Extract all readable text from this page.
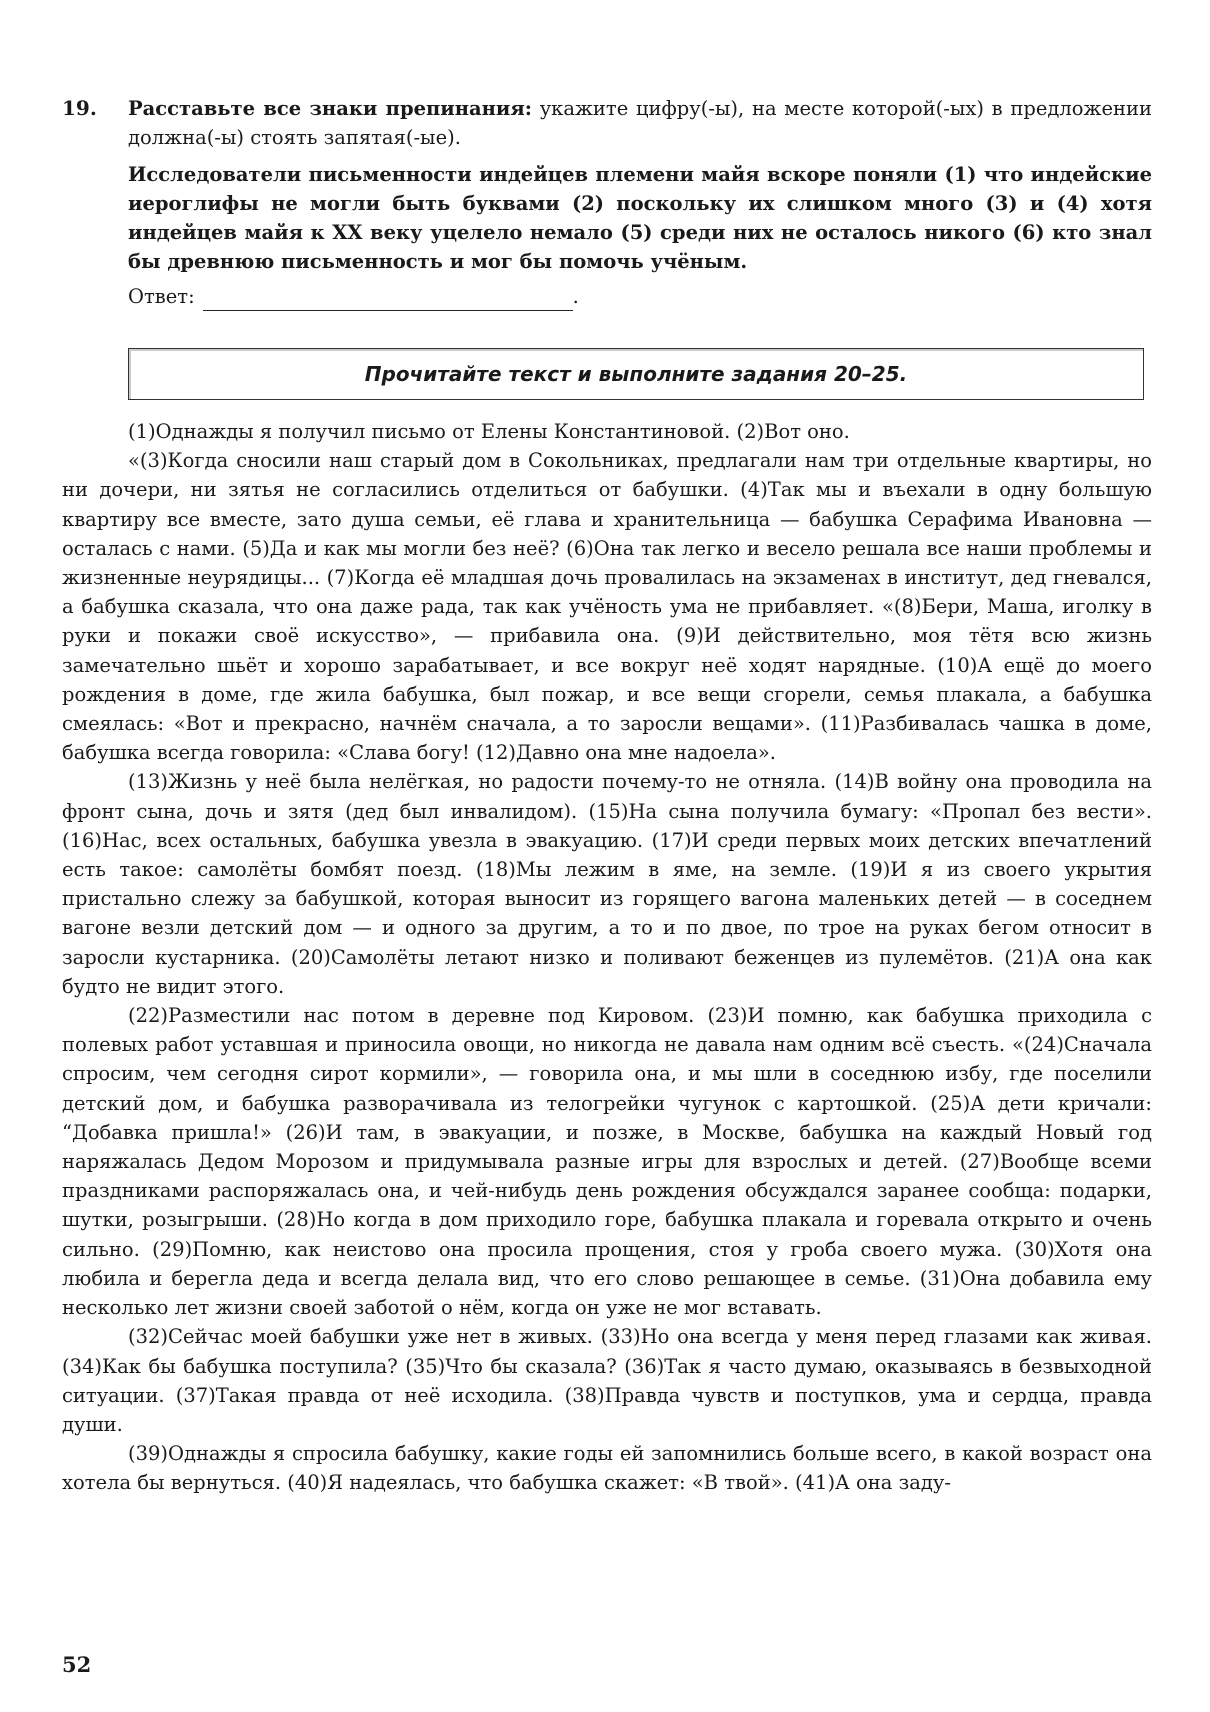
19. Расставьте все знаки препинания: укажите цифру(-ы), на месте которой(-ых) в предложении должна(-ы) стоять запятая(-ые).

Исследователи письменности индейцев племени майя вскоре поняли (1) что индейские иероглифы не могли быть буквами (2) поскольку их слишком много (3) и (4) хотя индейцев майя к XX веку уцелело немало (5) среди них не осталось никого (6) кто знал бы древнюю письменность и мог бы помочь учёным.

Ответ:	.
Прочитайте текст и выполните задания 20–25.

(1)Однажды я получил письмо от Елены Константиновой. (2)Вот оно.

«(3)Когда сносили наш старый дом в Сокольниках, предлагали нам три отдельные квартиры, но ни дочери, ни зятья не согласились отделиться от бабушки. (4)Так мы и въехали в одну большую квартиру все вместе, зато душа семьи, её глава и хранительница — бабушка Серафима Ивановна — осталась с нами. (5)Да и как мы могли без неё? (6)Она так легко и весело решала все наши проблемы и жизненные неурядицы... (7)Когда её младшая дочь провалилась на экзаменах в институт, дед гневался, а бабушка сказала, что она даже рада, так как учёность ума не прибавляет. «(8)Бери, Маша, иголку в руки и покажи своё искусство», — прибавила она. (9)И действительно, моя тётя всю жизнь замечательно шьёт и хорошо зарабатывает, и все вокруг неё ходят нарядные. (10)А ещё до моего рождения в доме, где жила бабушка, был пожар, и все вещи сгорели, семья плакала, а бабушка смеялась: «Вот и прекрасно, начнём сначала, а то заросли вещами». (11)Разбивалась чашка в доме, бабушка всегда говорила: «Слава богу! (12)Давно она мне надоела».

(13)Жизнь у неё была нелёгкая, но радости почему-то не отняла. (14)В войну она проводила на фронт сына, дочь и зятя (дед был инвалидом). (15)На сына получила бумагу: «Пропал без вести». (16)Нас, всех остальных, бабушка увезла в эвакуацию. (17)И среди первых моих детских впечатлений есть такое: самолёты бомбят поезд. (18)Мы лежим в яме, на земле. (19)И я из своего укрытия пристально слежу за бабушкой, которая выносит из горящего вагона маленьких детей — в соседнем вагоне везли детский дом — и одного за другим, а то и по двое, по трое на руках бегом относит в заросли кустарника. (20)Самолёты летают низко и поливают беженцев из пулемётов. (21)А она как будто не видит этого.

(22)Разместили нас потом в деревне под Кировом. (23)И помню, как бабушка приходила с полевых работ уставшая и приносила овощи, но никогда не давала нам одним всё съесть. «(24)Сначала спросим, чем сегодня сирот кормили», — говорила она, и мы шли в соседнюю избу, где поселили детский дом, и бабушка разворачивала из телогрейки чугунок с картошкой. (25)А дети кричали: “Добавка пришла!» (26)И там, в эвакуации, и позже, в Москве, бабушка на каждый Новый год наряжалась Дедом Морозом и придумывала разные игры для взрослых и детей. (27)Вообще всеми праздниками распоряжалась она, и чей-нибудь день рождения обсуждался заранее сообща: подарки, шутки, розыгрыши. (28)Но когда в дом приходило горе, бабушка плакала и горевала открыто и очень сильно. (29)Помню, как неистово она просила прощения, стоя у гроба своего мужа. (30)Хотя она любила и берегла деда и всегда делала вид, что его слово решающее в семье. (31)Она добавила ему несколько лет жизни своей заботой о нём, когда он уже не мог вставать.

(32)Сейчас моей бабушки уже нет в живых. (33)Но она всегда у меня перед глазами как живая. (34)Как бы бабушка поступила? (35)Что бы сказала? (36)Так я часто думаю, оказываясь в безвыходной ситуации. (37)Такая правда от неё исходила. (38)Правда чувств и поступков, ума и сердца, правда души.

(39)Однажды я спросила бабушку, какие годы ей запомнились больше всего, в какой возраст она хотела бы вернуться. (40)Я надеялась, что бабушка скажет: «В твой». (41)А она заду-

52
